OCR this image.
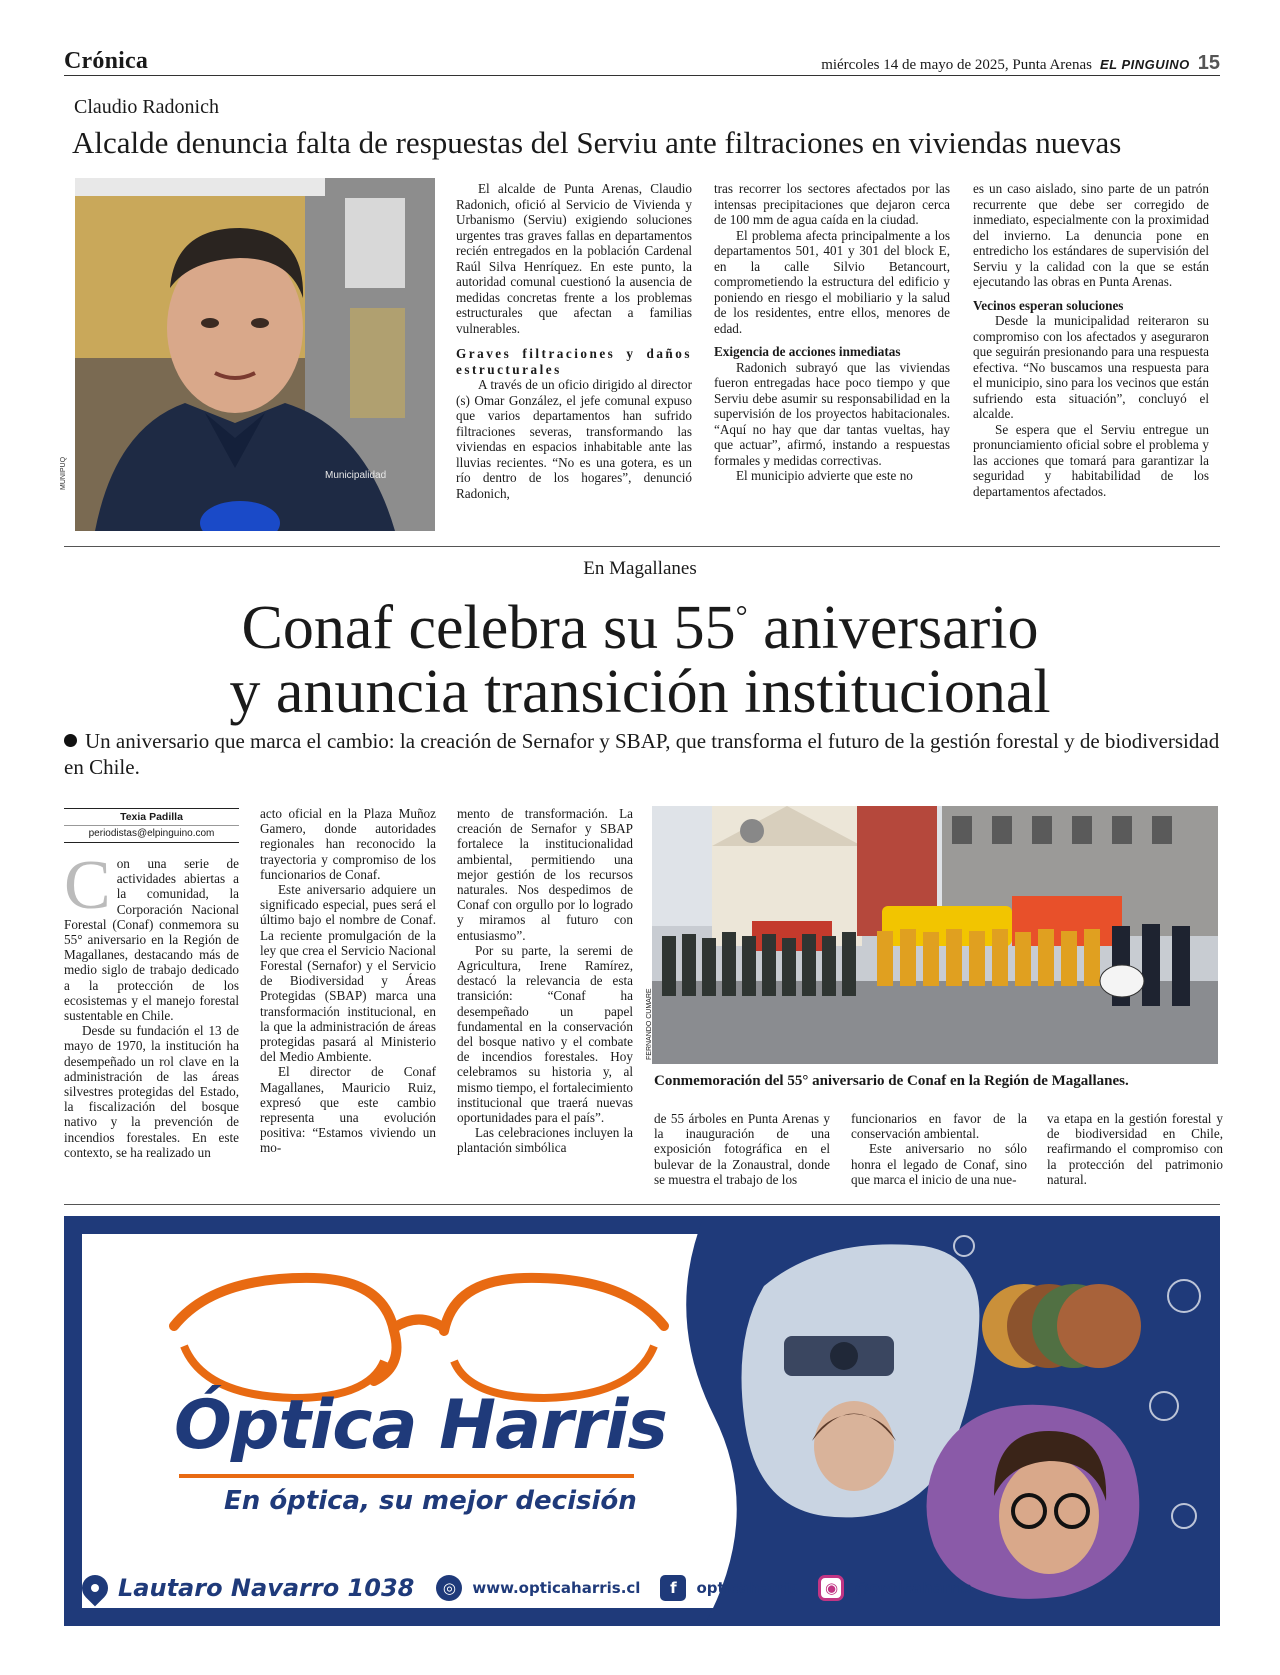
Crónica	miércoles 14 de mayo de 2025, Punta Arenas EL PINGUINO 15
Claudio Radonich
Alcalde denuncia falta de respuestas del Serviu ante filtraciones en viviendas nuevas
Municipalidad
MUNIPUQ

El alcalde de Punta Arenas, Claudio Radonich, ofició al Servicio de Vivienda y Urbanismo (Serviu) exigiendo soluciones urgentes tras graves fallas en departamentos recién entregados en la población Cardenal Raúl Silva Henríquez. En este punto, la autoridad comunal cuestionó la ausencia de medidas concretas frente a los problemas estructurales que afectan a familias vulnerables.

Graves filtraciones y daños estructurales

A través de un oficio dirigido al director (s) Omar González, el jefe comunal expuso que varios departamentos han sufrido filtraciones severas, transformando las viviendas en espacios inhabitable ante las lluvias recientes. “No es una gotera, es un río dentro de los hogares”, denunció Radonich,

tras recorrer los sectores afectados por las intensas precipitaciones que dejaron cerca de 100 mm de agua caída en la ciudad.

El problema afecta principalmente a los departamentos 501, 401 y 301 del block E, en la calle Silvio Betancourt, comprometiendo la estructura del edificio y poniendo en riesgo el mobiliario y la salud de los residentes, entre ellos, menores de edad.

Exigencia de acciones inmediatas

Radonich subrayó que las viviendas fueron entregadas hace poco tiempo y que Serviu debe asumir su responsabilidad en la supervisión de los proyectos habitacionales. “Aquí no hay que dar tantas vueltas, hay que actuar”, afirmó, instando a respuestas formales y medidas correctivas.

El municipio advierte que este no

es un caso aislado, sino parte de un patrón recurrente que debe ser corregido de inmediato, especialmente con la proximidad del invierno. La denuncia pone en entredicho los estándares de supervisión del Serviu y la calidad con la que se están ejecutando las obras en Punta Arenas.

Vecinos esperan soluciones

Desde la municipalidad reiteraron su compromiso con los afectados y aseguraron que seguirán presionando para una respuesta efectiva. “No buscamos una respuesta para el municipio, sino para los vecinos que están sufriendo esta situación”, concluyó el alcalde.

Se espera que el Serviu entregue un pronunciamiento oficial sobre el problema y las acciones que tomará para garantizar la seguridad y habitabilidad de los departamentos afectados.

En Magallanes
Conaf celebra su 55° aniversario
y anuncia transición institucional
Un aniversario que marca el cambio: la creación de Sernafor y SBAP, que transforma el futuro de la gestión forestal y de biodiversidad en Chile.
Texia Padilla
periodistas@elpinguino.com

Con una serie de actividades abiertas a la comunidad, la Corporación Nacional Forestal (Conaf) conmemora su 55° aniversario en la Región de Magallanes, destacando más de medio siglo de trabajo dedicado a la protección de los ecosistemas y el manejo forestal sustentable en Chile.

Desde su fundación el 13 de mayo de 1970, la institución ha desempeñado un rol clave en la administración de las áreas silvestres protegidas del Estado, la fiscalización del bosque nativo y la prevención de incendios forestales. En este contexto, se ha realizado un

acto oficial en la Plaza Muñoz Gamero, donde autoridades regionales han reconocido la trayectoria y compromiso de los funcionarios de Conaf.

Este aniversario adquiere un significado especial, pues será el último bajo el nombre de Conaf. La reciente promulgación de la ley que crea el Servicio Nacional Forestal (Sernafor) y el Servicio de Biodiversidad y Áreas Protegidas (SBAP) marca una transformación institucional, en la que la administración de áreas protegidas pasará al Ministerio del Medio Ambiente.

El director de Conaf Magallanes, Mauricio Ruiz, expresó que este cambio representa una evolución positiva: “Estamos viviendo un mo-

mento de transformación. La creación de Sernafor y SBAP fortalece la institucionalidad ambiental, permitiendo una mejor gestión de los recursos naturales. Nos despedimos de Conaf con orgullo por lo logrado y miramos al futuro con entusiasmo”.

Por su parte, la seremi de Agricultura, Irene Ramírez, destacó la relevancia de esta transición: “Conaf ha desempeñado un papel fundamental en la conservación del bosque nativo y el combate de incendios forestales. Hoy celebramos su historia y, al mismo tiempo, el fortalecimiento institucional que traerá nuevas oportunidades para el país”.

Las celebraciones incluyen la plantación simbólica

FERNANDO CUMARE
Conmemoración del 55° aniversario de Conaf en la Región de Magallanes.

de 55 árboles en Punta Arenas y la inauguración de una exposición fotográfica en el bulevar de la Zonaustral, donde se muestra el trabajo de los

funcionarios en favor de la conservación ambiental.

Este aniversario no sólo honra el legado de Conaf, sino que marca el inicio de una nue-

va etapa en la gestión forestal y de biodiversidad en Chile, reafirmando el compromiso con la protección del patrimonio natural.

Óptica Harris
En óptica, su mejor decisión
Lautaro Navarro 1038	◎	www.opticaharris.cl	f	opticaharris	◉	@opticaharris
